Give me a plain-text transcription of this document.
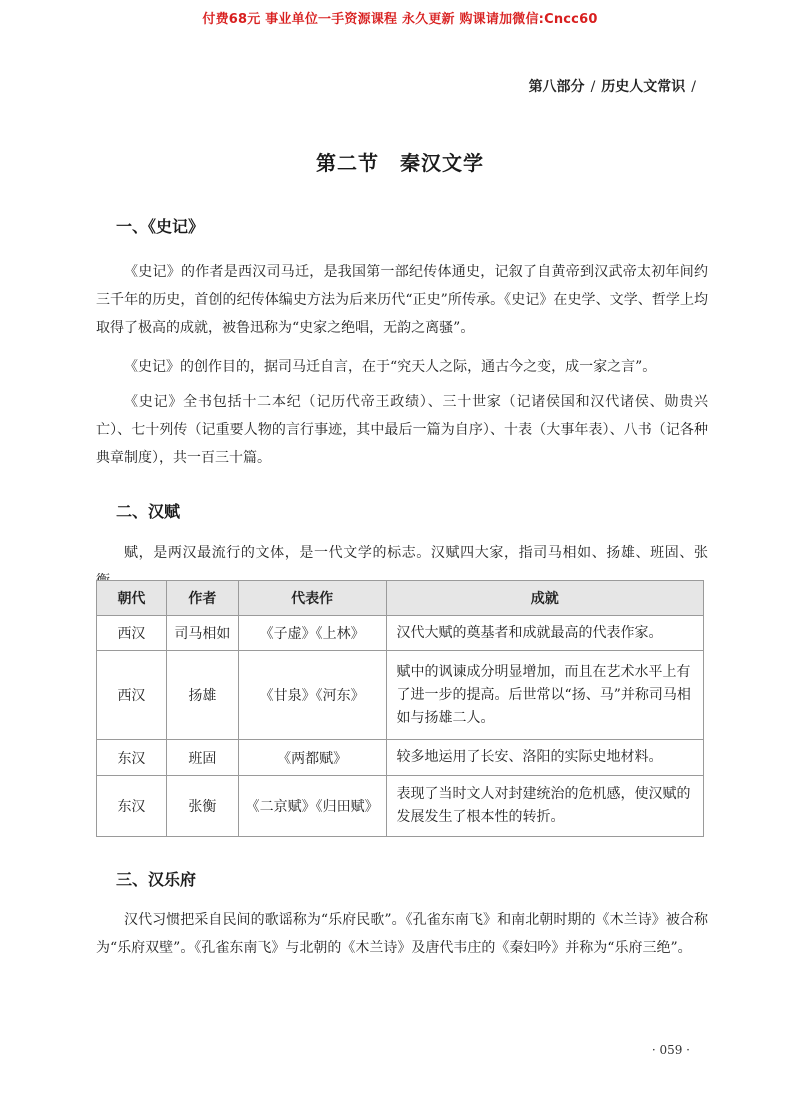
付费68元 事业单位一手资源课程 永久更新 购课请加微信:Cncc60
第八部分 / 历史人文常识 /
第二节　秦汉文学
一、《史记》

《史记》的作者是西汉司马迁，是我国第一部纪传体通史，记叙了自黄帝到汉武帝太初年间约三千年的历史，首创的纪传体编史方法为后来历代“正史”所传承。《史记》在史学、文学、哲学上均取得了极高的成就，被鲁迅称为“史家之绝唱，无韵之离骚”。

《史记》的创作目的，据司马迁自言，在于“究天人之际，通古今之变，成一家之言”。

《史记》全书包括十二本纪（记历代帝王政绩）、三十世家（记诸侯国和汉代诸侯、勋贵兴亡）、七十列传（记重要人物的言行事迹，其中最后一篇为自序）、十表（大事年表）、八书（记各种典章制度），共一百三十篇。

二、汉赋

赋，是两汉最流行的文体，是一代文学的标志。汉赋四大家，指司马相如、扬雄、班固、张

朝代	作者	代表作	成就
西汉	司马相如	《子虚》《上林》	汉代大赋的奠基者和成就最高的代表作家。
西汉	扬雄	《甘泉》《河东》	赋中的讽谏成分明显增加，而且在艺术水平上有了进一步的提高。后世常以“扬、马”并称司马相如与扬雄二人。
东汉	班固	《两都赋》	较多地运用了长安、洛阳的实际史地材料。
东汉	张衡	《二京赋》《归田赋》	表现了当时文人对封建统治的危机感，使汉赋的发展发生了根本性的转折。
三、汉乐府

汉代习惯把采自民间的歌谣称为“乐府民歌”。《孔雀东南飞》和南北朝时期的《木兰诗》被合称为“乐府双壁”。《孔雀东南飞》与北朝的《木兰诗》及唐代韦庄的《秦妇吟》并称为“乐府三绝”。

· 059 ·
